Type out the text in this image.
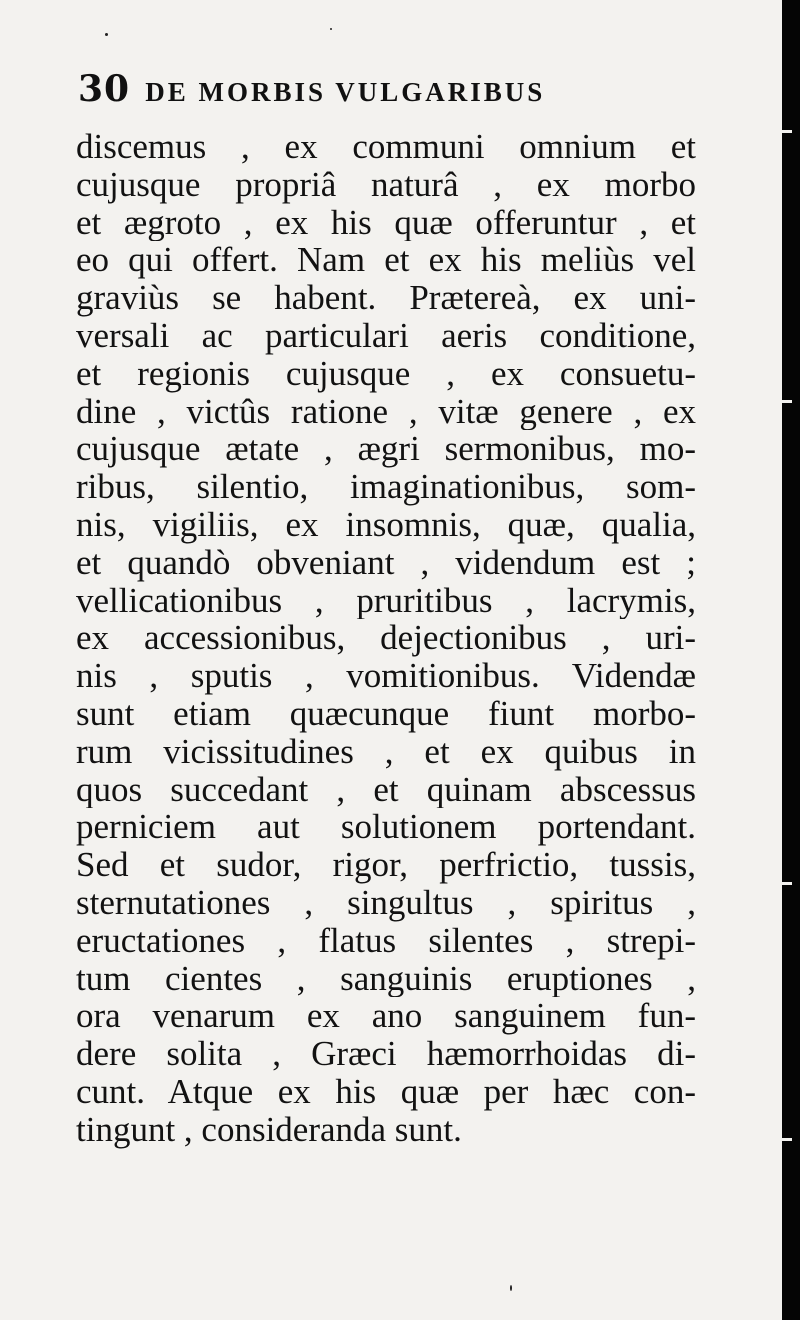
30 DE MORBIS VULGARIBUS
discemus , ex communi omnium et
cujusque propriâ naturâ , ex morbo
et ægroto , ex his quæ offeruntur , et
eo qui offert. Nam et ex his meliùs vel
graviùs se habent. Prætereà, ex uni-
versali ac particulari aeris conditione,
et regionis cujusque , ex consuetu-
dine , victûs ratione , vitæ genere , ex
cujusque ætate , ægri sermonibus, mo-
ribus, silentio, imaginationibus, som-
nis, vigiliis, ex insomnis, quæ, qualia,
et quandò obveniant , videndum est ;
vellicationibus , pruritibus , lacrymis,
ex accessionibus, dejectionibus , uri-
nis , sputis , vomitionibus. Videndæ
sunt etiam quæcunque fiunt morbo-
rum vicissitudines , et ex quibus in
quos succedant , et quinam abscessus
perniciem aut solutionem portendant.
Sed et sudor, rigor, perfrictio, tussis,
sternutationes , singultus , spiritus ,
eructationes , flatus silentes , strepi-
tum cientes , sanguinis eruptiones ,
ora venarum ex ano sanguinem fun-
dere solita , Græci hæmorrhoidas di-
cunt. Atque ex his quæ per hæc con-
tingunt , consideranda sunt.
